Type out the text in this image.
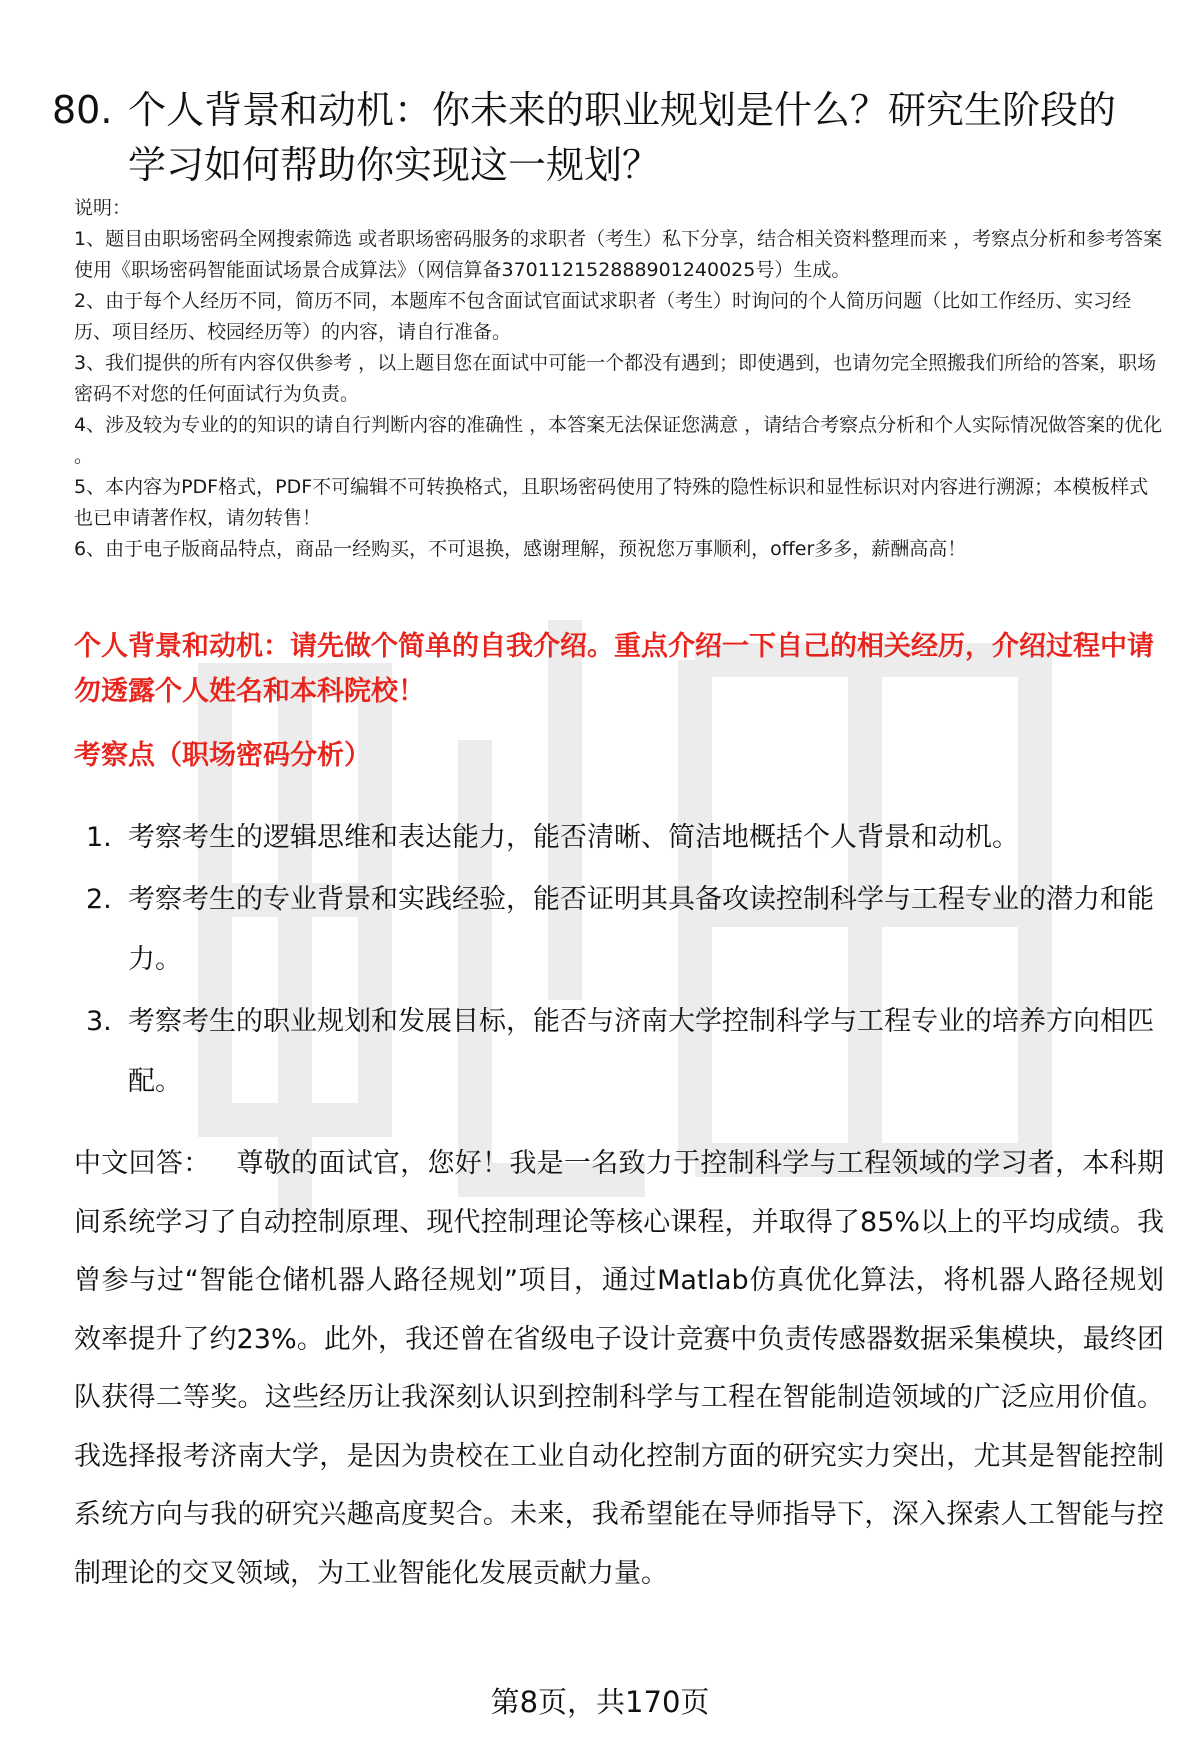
80. 个人背景和动机：你未来的职业规划是什么？研究生阶段的学习如何帮助你实现这一规划？

说明：

1、题目由职场密码全网搜索筛选 或者职场密码服务的求职者（考生）私下分享，结合相关资料整理而来 ，考察点分析和参考答案使用《职场密码智能面试场景合成算法》（网信算备370112152888901240025号）生成。

2、由于每个人经历不同，简历不同，本题库不包含面试官面试求职者（考生）时询问的个人简历问题（比如工作经历、实习经历、项目经历、校园经历等）的内容，请自行准备。

3、我们提供的所有内容仅供参考 ，以上题目您在面试中可能一个都没有遇到；即使遇到，也请勿完全照搬我们所给的答案，职场密码不对您的任何面试行为负责。

4、涉及较为专业的的知识的请自行判断内容的准确性 ，本答案无法保证您满意 ，请结合考察点分析和个人实际情况做答案的优化 。

5、本内容为PDF格式，PDF不可编辑不可转换格式，且职场密码使用了特殊的隐性标识和显性标识对内容进行溯源；本模板样式也已申请著作权，请勿转售！

6、由于电子版商品特点，商品一经购买，不可退换，感谢理解，预祝您万事顺利，offer多多，薪酬高高！

个人背景和动机：请先做个简单的自我介绍。重点介绍一下自己的相关经历，介绍过程中请勿透露个人姓名和本科院校！
考察点（职场密码分析）
1. 考察考生的逻辑思维和表达能力，能否清晰、简洁地概括个人背景和动机。
2. 考察考生的专业背景和实践经验，能否证明其具备攻读控制科学与工程专业的潜力和能力。
3. 考察考生的职业规划和发展目标，能否与济南大学控制科学与工程专业的培养方向相匹配。
中文回答： 尊敬的面试官，您好！我是一名致力于控制科学与工程领域的学习者，本科期间系统学习了自动控制原理、现代控制理论等核心课程，并取得了85%以上的平均成绩。我曾参与过“智能仓储机器人路径规划”项目，通过Matlab仿真优化算法，将机器人路径规划效率提升了约23%。此外，我还曾在省级电子设计竞赛中负责传感器数据采集模块，最终团队获得二等奖。这些经历让我深刻认识到控制科学与工程在智能制造领域的广泛应用价值。我选择报考济南大学，是因为贵校在工业自动化控制方面的研究实力突出，尤其是智能控制系统方向与我的研究兴趣高度契合。未来，我希望能在导师指导下，深入探索人工智能与控制理论的交叉领域，为工业智能化发展贡献力量。
第8页，共170页
